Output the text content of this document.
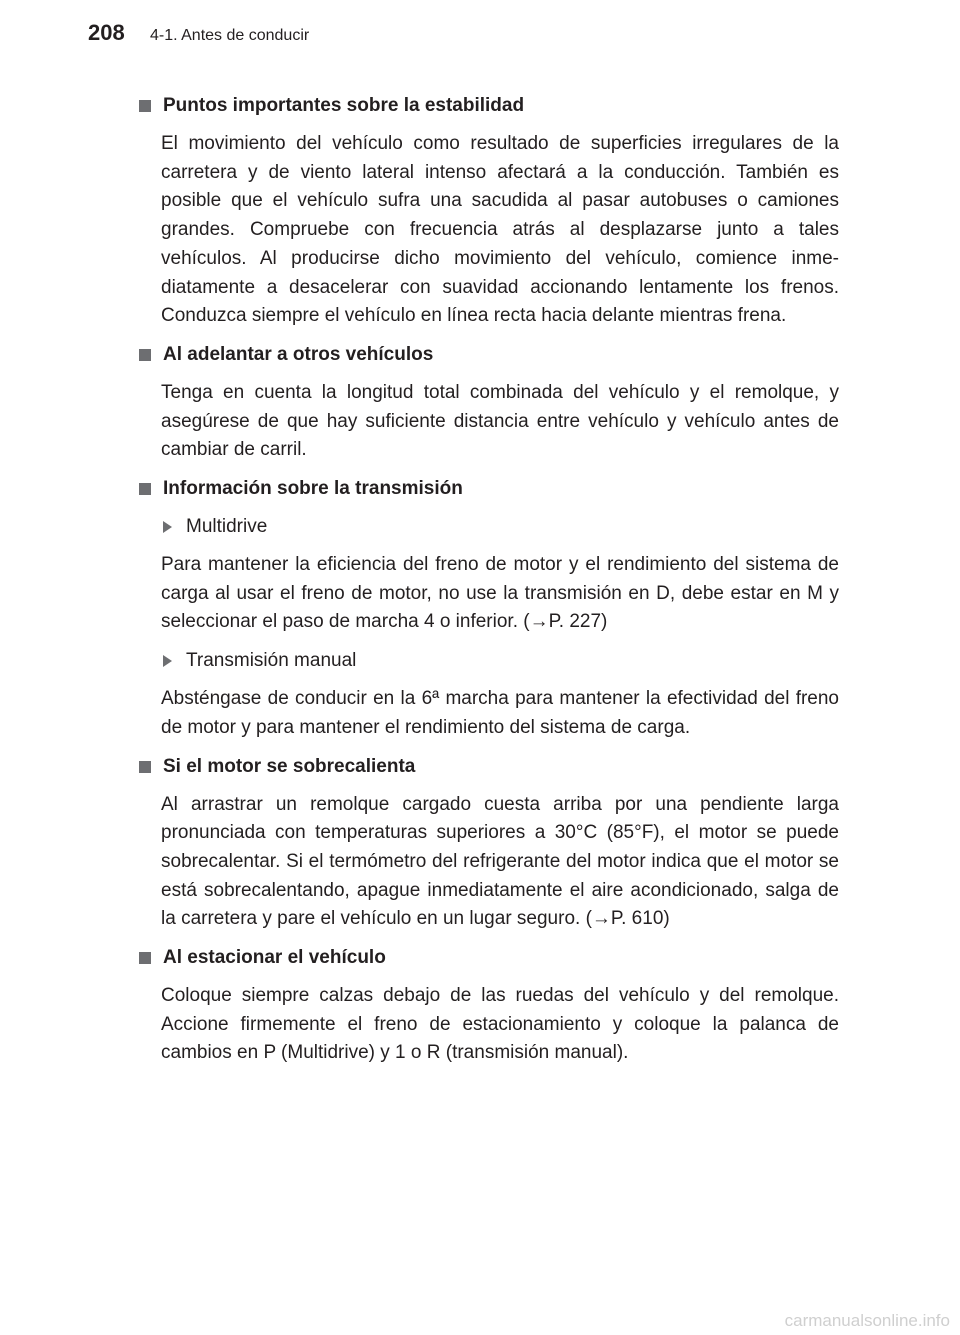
208 4-1. Antes de conducir
Puntos importantes sobre la estabilidad

El movimiento del vehículo como resultado de superficies irregulares de la carretera y de viento lateral intenso afectará a la conducción. También es posible que el vehículo sufra una sacudida al pasar autobuses o camiones grandes. Compruebe con frecuencia atrás al desplazarse junto a tales vehículos. Al producirse dicho movimiento del vehículo, comience inmediatamente a desacelerar con suavidad accionando lentamente los frenos. Conduzca siempre el vehículo en línea recta hacia delante mientras frena.

Al adelantar a otros vehículos

Tenga en cuenta la longitud total combinada del vehículo y el remolque, y asegúrese de que hay suficiente distancia entre vehículo y vehículo antes de cambiar de carril.

Información sobre la transmisión
Multidrive

Para mantener la eficiencia del freno de motor y el rendimiento del sistema de carga al usar el freno de motor, no use la transmisión en D, debe estar en M y seleccionar el paso de marcha 4 o inferior. (→P. 227)

Transmisión manual

Absténgase de conducir en la 6ª marcha para mantener la efectividad del freno de motor y para mantener el rendimiento del sistema de carga.

Si el motor se sobrecalienta

Al arrastrar un remolque cargado cuesta arriba por una pendiente larga pronunciada con temperaturas superiores a 30°C (85°F), el motor se puede sobrecalentar. Si el termómetro del refrigerante del motor indica que el motor se está sobrecalentando, apague inmediatamente el aire acondicionado, salga de la carretera y pare el vehículo en un lugar seguro. (→P. 610)

Al estacionar el vehículo

Coloque siempre calzas debajo de las ruedas del vehículo y del remolque. Accione firmemente el freno de estacionamiento y coloque la palanca de cambios en P (Multidrive) y 1 o R (transmisión manual).

carmanualsonline.info
